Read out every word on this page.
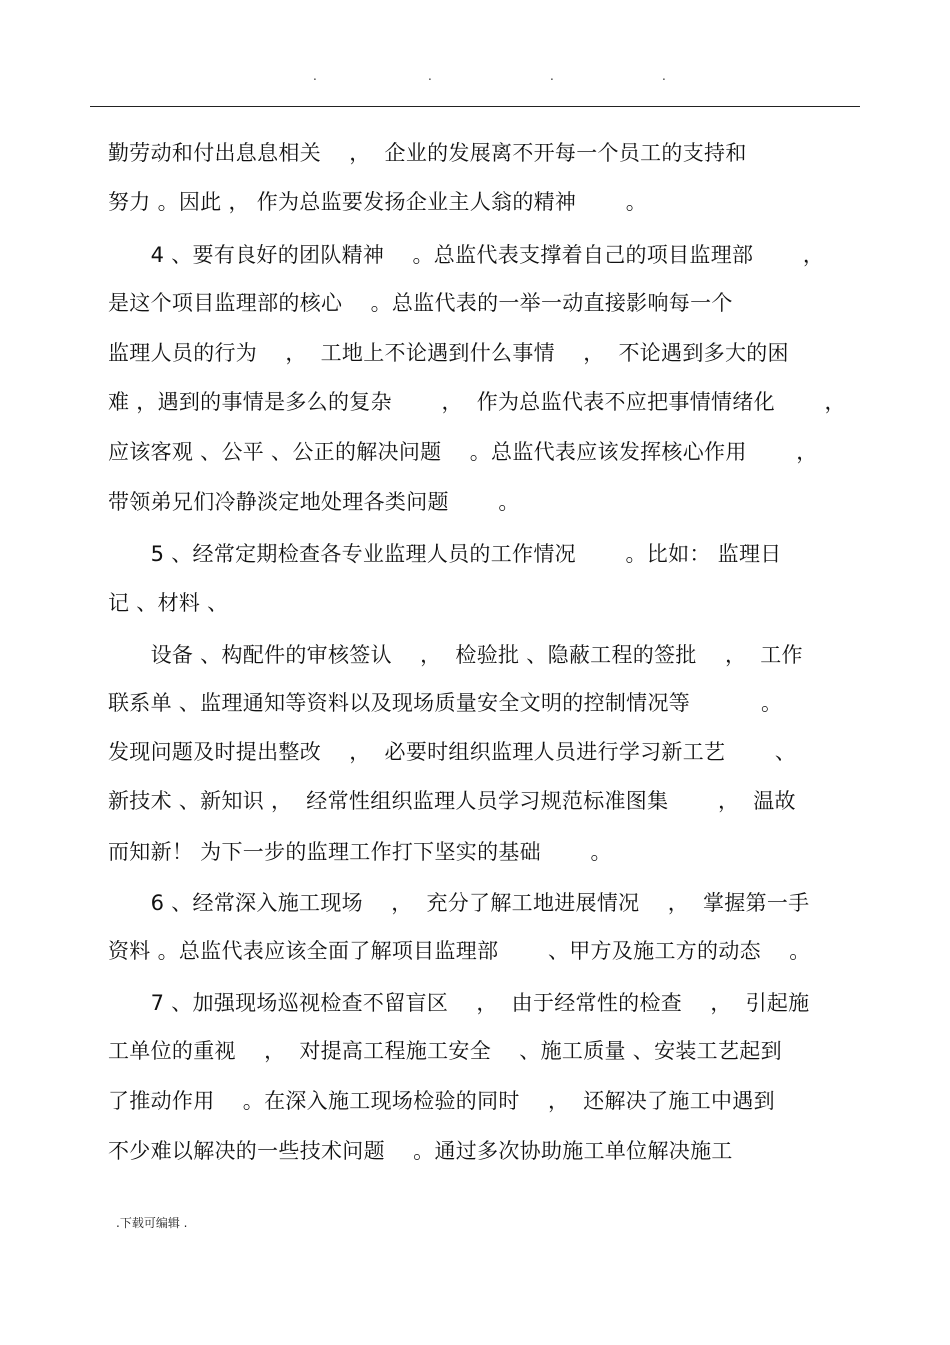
.	.	.	.
勤劳动和付出息息相关　 ，  企业的发展离不开每一个员工的支持和
努力 。因此 ， 作为总监要发扬企业主人翁的精神　　 。
　　4 、要有良好的团队精神　 。总监代表支撑着自己的项目监理部　　 ，
是这个项目监理部的核心　 。总监代表的一举一动直接影响每一个
监理人员的行为　 ，  工地上不论遇到什么事情　 ，  不论遇到多大的困
难 ，遇到的事情是多么的复杂　　 ，  作为总监代表不应把事情情绪化　　 ，
应该客观 、公平 、公正的解决问题　 。总监代表应该发挥核心作用　　 ，
带领弟兄们冷静淡定地处理各类问题　　 。
　　5 、经常定期检查各专业监理人员的工作情况　　 。比如： 监理日
记 、材料 、
　　设备 、构配件的审核签认　 ，  检验批 、隐蔽工程的签批　 ，  工作
联系单 、监理通知等资料以及现场质量安全文明的控制情况等　　　 。
发现问题及时提出整改　 ，  必要时组织监理人员进行学习新工艺　　 、
新技术 、新知识 ，  经常性组织监理人员学习规范标准图集　　 ，  温故
而知新！ 为下一步的监理工作打下坚实的基础　　 。
　　6 、经常深入施工现场　 ，  充分了解工地进展情况　 ，  掌握第一手
资料 。总监代表应该全面了解项目监理部　　 、甲方及施工方的动态　 。
　　7 、加强现场巡视检查不留盲区　 ，  由于经常性的检查　 ，  引起施
工单位的重视　 ，  对提高工程施工安全　 、施工质量 、安装工艺起到
了推动作用　 。在深入施工现场检验的同时　 ，  还解决了施工中遇到
不少难以解决的一些技术问题　 。通过多次协助施工单位解决施工
.下载可编辑 .
